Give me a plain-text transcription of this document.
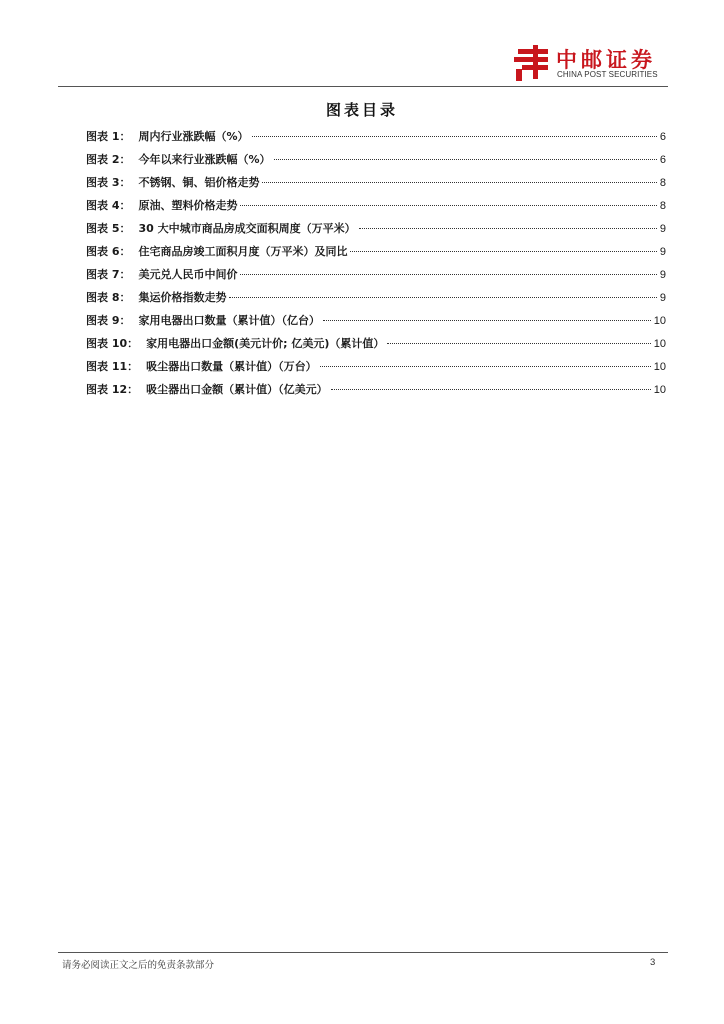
中邮证券
CHINA POST SECURITIES
图表目录
图表 1： 周内行业涨跌幅（%）	6
图表 2： 今年以来行业涨跌幅（%）	6
图表 3： 不锈钢、铜、铝价格走势	8
图表 4： 原油、塑料价格走势	8
图表 5： 30 大中城市商品房成交面积周度（万平米）	9
图表 6： 住宅商品房竣工面积月度（万平米）及同比	9
图表 7： 美元兑人民币中间价	9
图表 8： 集运价格指数走势	9
图表 9： 家用电器出口数量（累计值）（亿台）	10
图表 10： 家用电器出口金额(美元计价; 亿美元)（累计值）	10
图表 11： 吸尘器出口数量（累计值）（万台）	10
图表 12： 吸尘器出口金额（累计值）（亿美元）	10
请务必阅读正文之后的免责条款部分	3
